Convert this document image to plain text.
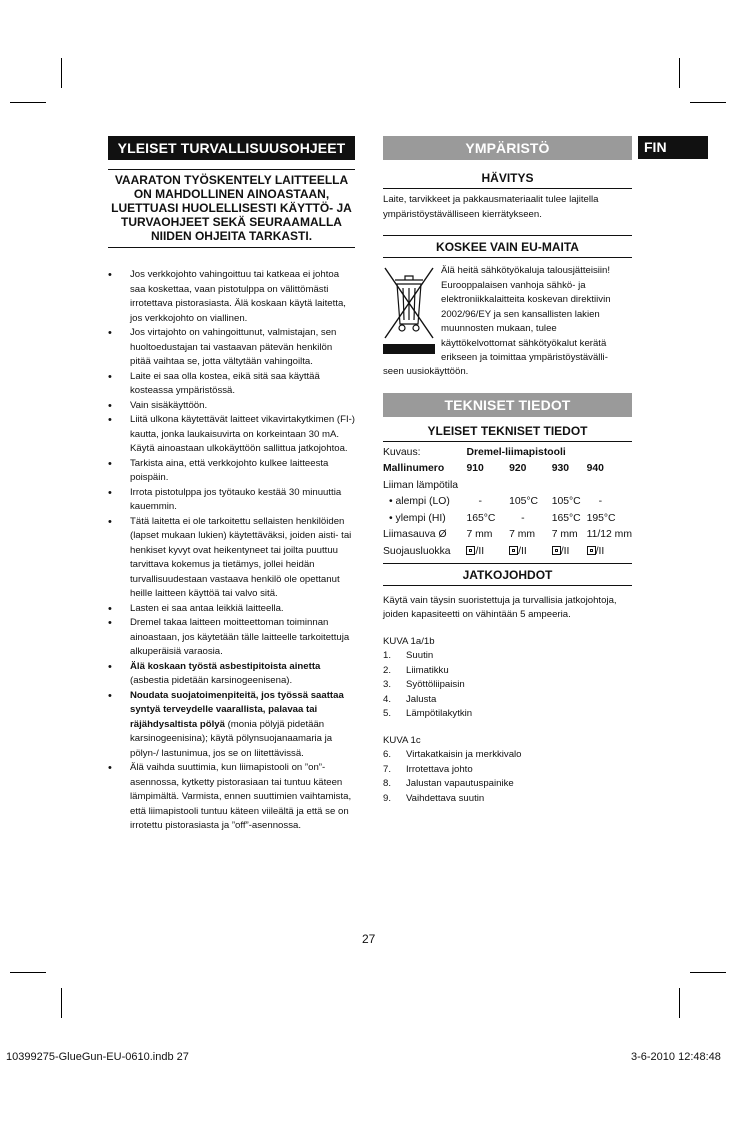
YLEISET TURVALLISUUSOHJEET
VAARATON TYÖSKENTELY LAITTEELLA ON MAHDOLLINEN AINOASTAAN, LUETTUASI HUOLELLISESTI KÄYTTÖ- JA TURVAOHJEET SEKÄ SEURAAMALLA NIIDEN OHJEITA TARKASTI.
• Jos verkkojohto vahingoittuu tai katkeaa ei johtoa saa koskettaa, vaan pistotulppa on välittömästi irrotettava pistorasiasta. Älä koskaan käytä laitetta, jos verkkojohto on viallinen.
• Jos virtajohto on vahingoittunut, valmistajan, sen huoltoedustajan tai vastaavan pätevän henkilön pitää vaihtaa se, jotta vältytään vahingoilta.
• Laite ei saa olla kostea, eikä sitä saa käyttää kosteassa ympäristössä.
• Vain sisäkäyttöön.
• Liitä ulkona käytettävät laitteet vikavirtakytkimen (FI-) kautta, jonka laukaisuvirta on korkeintaan 30 mA. Käytä ainoastaan ulkokäyttöön sallittua jatkojohtoa.
• Tarkista aina, että verkkojohto kulkee laitteesta poispäin.
• Irrota pistotulppa jos työtauko kestää 30 minuuttia kauemmin.
• Tätä laitetta ei ole tarkoitettu sellaisten henkilöiden (lapset mukaan lukien) käytettäväksi, joiden aisti- tai henkiset kyvyt ovat heikentyneet tai joilta puuttuu tarvittava kokemus ja tietämys, jollei heidän turvallisuudestaan vastaava henkilö ole opettanut heille laitteen käyttöä tai valvo sitä.
• Lasten ei saa antaa leikkiä laitteella.
• Dremel takaa laitteen moitteettoman toiminnan ainoastaan, jos käytetään tälle laitteelle tarkoitettuja alkuperäisiä varaosia.
• Älä koskaan työstä asbestipitoista ainetta (asbestia pidetään karsinogeenisena).
• Noudata suojatoimenpiteitä, jos työssä saattaa syntyä terveydelle vaarallista, palavaa tai räjähdysaltista pölyä (monia pölyjä pidetään karsinogeenisina); käytä pölynsuojanaamaria ja pölyn-/ lastunimua, jos se on liitettävissä.
• Älä vaihda suuttimia, kun liimapistooli on ”on”-asennossa, kytketty pistorasiaan tai tuntuu käteen lämpimältä. Varmista, ennen suuttimien vaihtamista, että liimapistooli tuntuu käteen viileältä ja että se on irrotettu pistorasiasta ja ”off”-asennossa.
FIN
YMPÄRISTÖ
HÄVITYS
Laite, tarvikkeet ja pakkausmateriaalit tulee lajitella ympäristöystävälliseen kierrätykseen.
KOSKEE VAIN EU-MAITA
Älä heitä sähkötyökaluja talousjätteisiin! Eurooppalaisen vanhoja sähkö- ja elektroniikkalaitteita koskevan direktiivin 2002/96/EY ja sen kansallisten lakien muunnosten mukaan, tulee käyttökelvottomat sähkötyökalut kerätä erikseen ja toimittaa ympäristöystävälli-
seen uusiokäyttöön.
TEKNISET TIEDOT
YLEISET TEKNISET TIEDOT
Kuvaus:	Dremel-liimapistooli			
Mallinumero	910	920	930	940
Liiman lämpötila				
• alempi (LO)	-	105°C	105°C	-
• ylempi (HI)	165°C	-	165°C	195°C
Liimasauva Ø	7 mm	7 mm	7 mm	11/12 mm
Suojausluokka	/II	/II	/II	/II
JATKOJOHDOT
Käytä vain täysin suoristettuja ja turvallisia jatkojohtoja, joiden kapasiteetti on vähintään 5 ampeeria.
KUVA 1a/1b
1.	Suutin
2.	Liimatikku
3.	Syöttöliipaisin
4.	Jalusta
5.	Lämpötilakytkin
KUVA 1c
6.	Virtakatkaisin ja merkkivalo
7.	Irrotettava johto
8.	Jalustan vapautuspainike
9.	Vaihdettava suutin
27
10399275-GlueGun-EU-0610.indb 27	3-6-2010 12:48:48
